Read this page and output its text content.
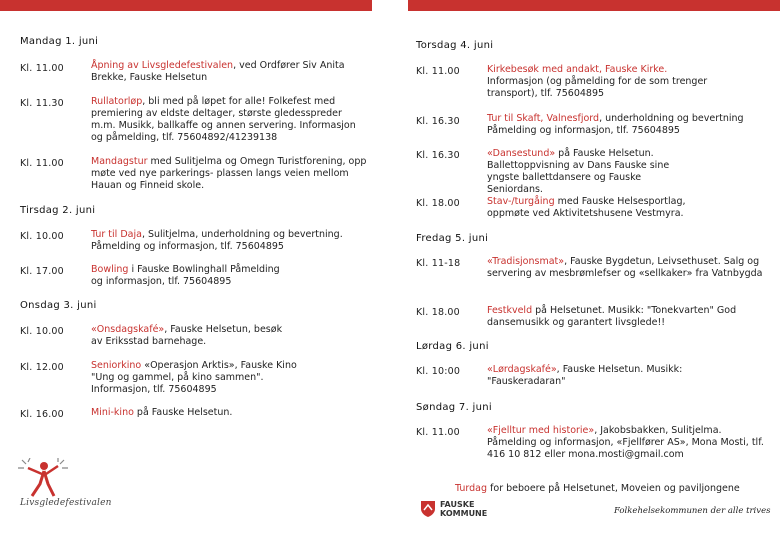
Mandag 1. juni
Kl. 11.00	Åpning av Livsgledefestivalen, ved Ordfører Siv Anita Brekke, Fauske Helsetun
Kl. 11.30	Rullatorløp, bli med på løpet for alle! Folkefest med premiering av eldste deltager, største gledesspreder m.m. Musikk, ballkaffe og annen servering. Informasjon og påmelding, tlf. 75604892/41239138
Kl. 11.00	Mandagstur med Sulitjelma og Omegn Turistforening, opp møte ved nye parkerings- plassen langs veien mellom Hauan og Finneid skole.
Tirsdag 2. juni
Kl. 10.00	Tur til Daja, Sulitjelma, underholdning og bevertning. Påmelding og informasjon, tlf. 75604895
Kl. 17.00	Bowling i Fauske Bowlinghall Påmelding og informasjon, tlf. 75604895
Onsdag 3. juni
Kl. 10.00	«Onsdagskafé», Fauske Helsetun, besøk av Eriksstad barnehage.
Kl. 12.00	Seniorkino «Operasjon Arktis», Fauske Kino "Ung og gammel, på kino sammen". Informasjon, tlf. 75604895
Kl. 16.00	Mini-kino på Fauske Helsetun.
Livsgledefestivalen
Torsdag 4. juni
Kl. 11.00	Kirkebesøk med andakt, Fauske Kirke. Informasjon (og påmelding for de som trenger transport), tlf. 75604895
Kl. 16.30	Tur til Skaft, Valnesfjord, underholdning og bevertning Påmelding og informasjon, tlf. 75604895
Kl. 16.30	«Dansestund» på Fauske Helsetun. Ballettoppvisning av Dans Fauske sine yngste ballettdansere og Fauske Seniordans.
Kl. 18.00	Stav-/turgåing med Fauske Helsesportlag, oppmøte ved Aktivitetshusene Vestmyra.
Fredag 5. juni
Kl. 11-18	«Tradisjonsmat», Fauske Bygdetun, Leivsethuset. Salg og servering av mesbrømlefser og «sellkaker» fra Vatnbygda
Kl. 18.00	Festkveld på Helsetunet. Musikk: "Tonekvarten" God dansemusikk og garantert livsglede!!
Lørdag 6. juni
Kl. 10:00	«Lørdagskafé», Fauske Helsetun. Musikk: "Fauskeradaran"
Søndag 7. juni
Kl. 11.00	«Fjelltur med historie», Jakobsbakken, Sulitjelma. Påmelding og informasjon, «Fjellfører AS», Mona Mosti, tlf. 416 10 812 eller mona.mosti@gmail.com
Turdag for beboere på Helsetunet, Moveien og paviljongene
FAUSKE
KOMMUNE	Folkehelsekommunen der alle trives
